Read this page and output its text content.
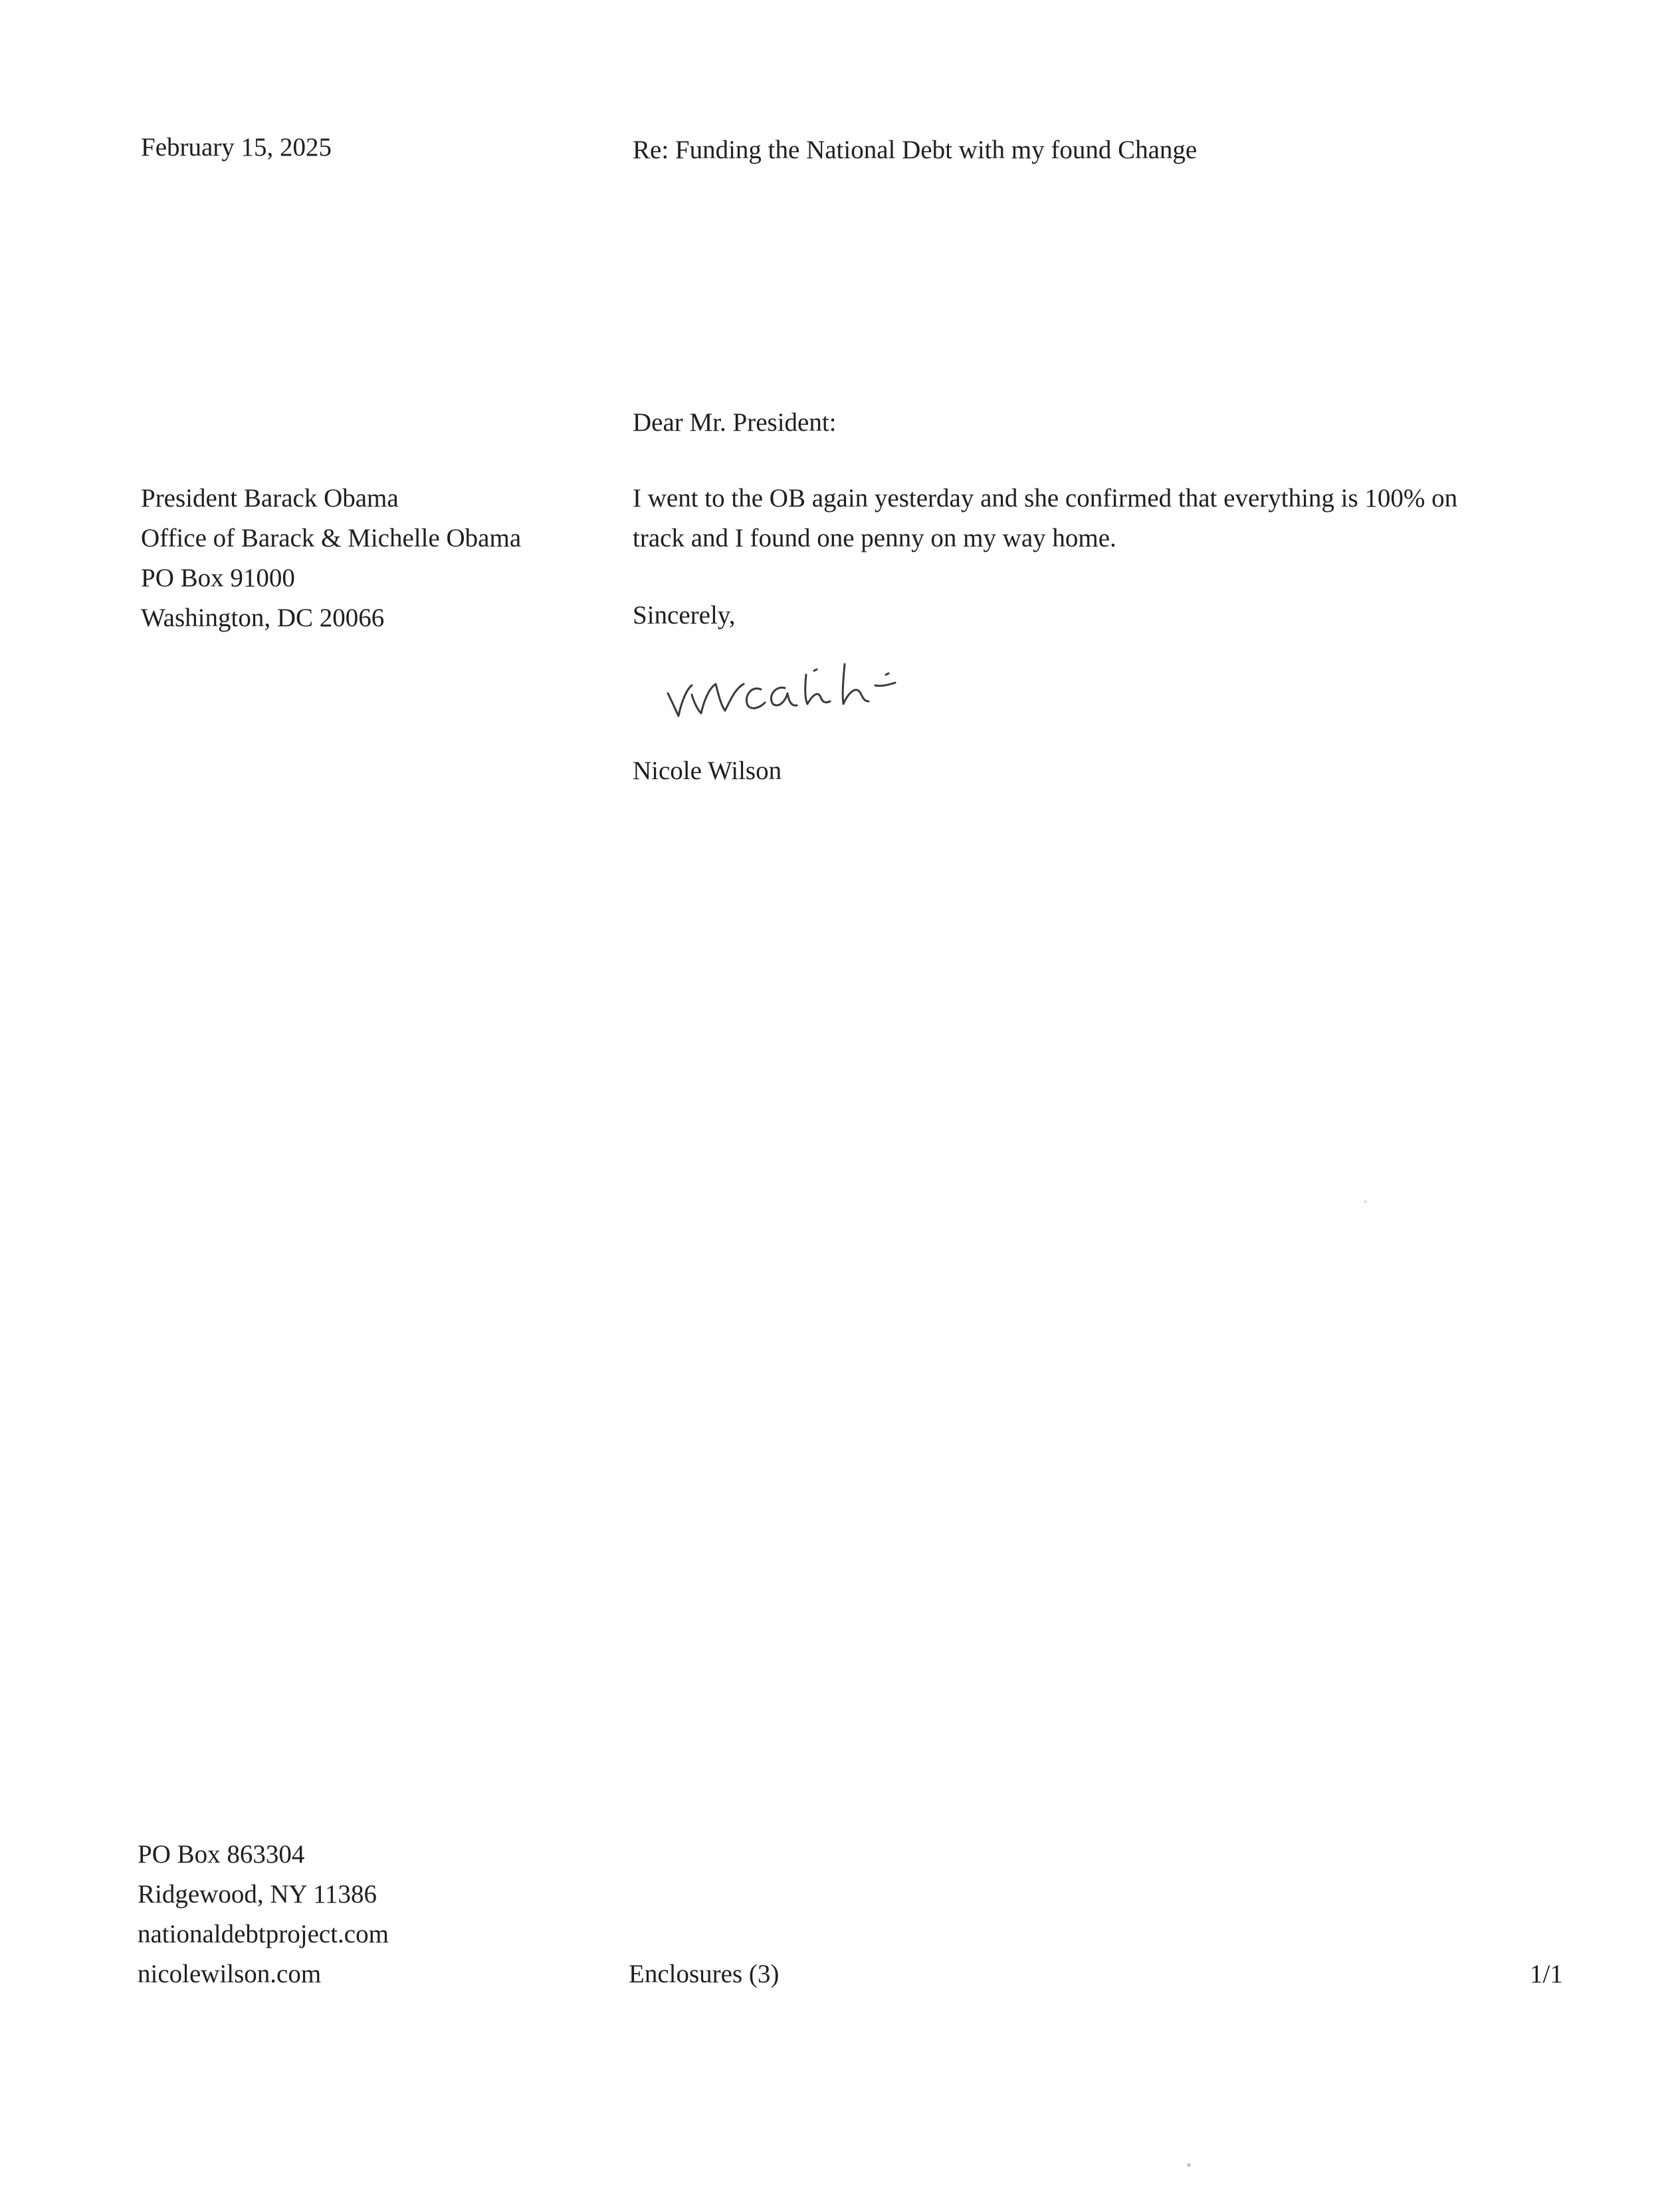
February 15, 2025	Re: Funding the National Debt with my found Change
Dear Mr. President:
President Barack Obama
Office of Barack & Michelle Obama
PO Box 91000
Washington, DC 20066
I went to the OB again yesterday and she confirmed that everything is 100% on
track and I found one penny on my way home.
Sincerely,
Nicole Wilson
PO Box 863304
Ridgewood, NY 11386
nationaldebtproject.com
nicolewilson.com	Enclosures (3)	1/1
